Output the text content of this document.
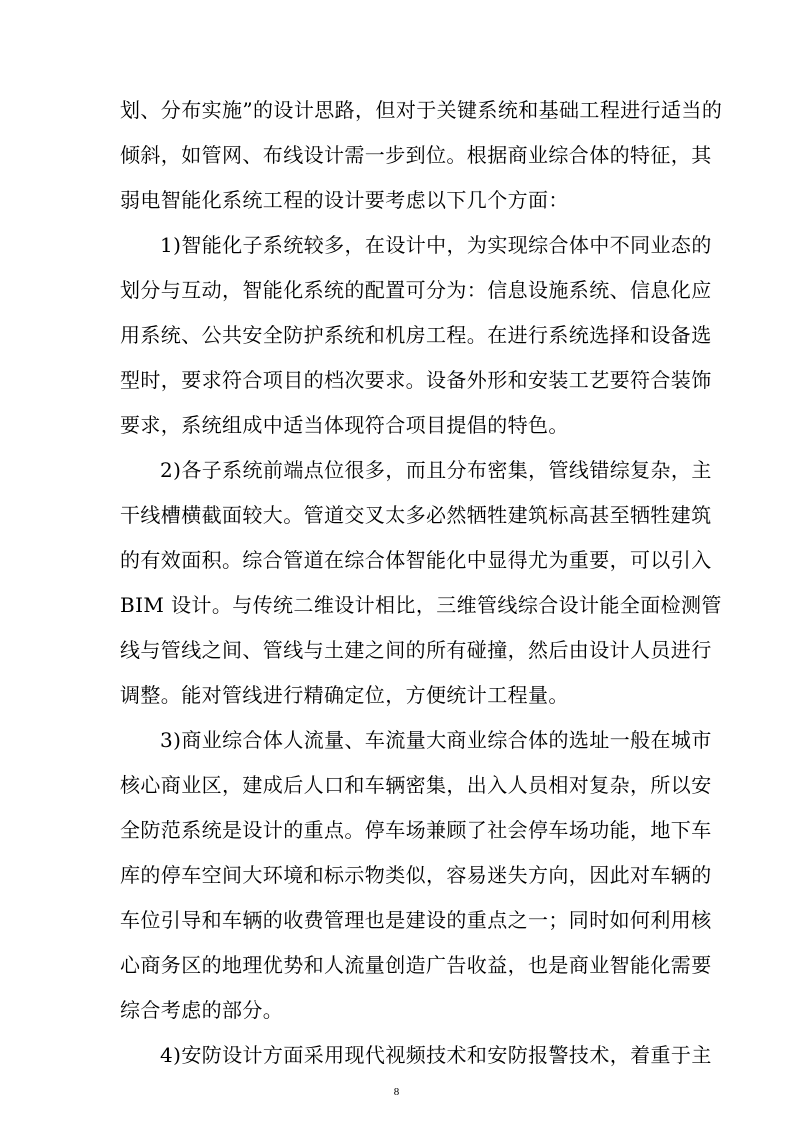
划、分布实施”的设计思路，但对于关键系统和基础工程进行适当的
倾斜，如管网、布线设计需一步到位。根据商业综合体的特征，其
弱电智能化系统工程的设计要考虑以下几个方面：
1)智能化子系统较多，在设计中，为实现综合体中不同业态的
划分与互动，智能化系统的配置可分为：信息设施系统、信息化应
用系统、公共安全防护系统和机房工程。在进行系统选择和设备选
型时，要求符合项目的档次要求。设备外形和安装工艺要符合装饰
要求，系统组成中适当体现符合项目提倡的特色。
2)各子系统前端点位很多，而且分布密集，管线错综复杂，主
干线槽横截面较大。管道交叉太多必然牺牲建筑标高甚至牺牲建筑
的有效面积。综合管道在综合体智能化中显得尤为重要，可以引入
BIM 设计。与传统二维设计相比，三维管线综合设计能全面检测管
线与管线之间、管线与土建之间的所有碰撞，然后由设计人员进行
调整。能对管线进行精确定位，方便统计工程量。
3)商业综合体人流量、车流量大商业综合体的选址一般在城市
核心商业区，建成后人口和车辆密集，出入人员相对复杂，所以安
全防范系统是设计的重点。停车场兼顾了社会停车场功能，地下车
库的停车空间大环境和标示物类似，容易迷失方向，因此对车辆的
车位引导和车辆的收费管理也是建设的重点之一；同时如何利用核
心商务区的地理优势和人流量创造广告收益，也是商业智能化需要
综合考虑的部分。
4)安防设计方面采用现代视频技术和安防报警技术，着重于主
8
